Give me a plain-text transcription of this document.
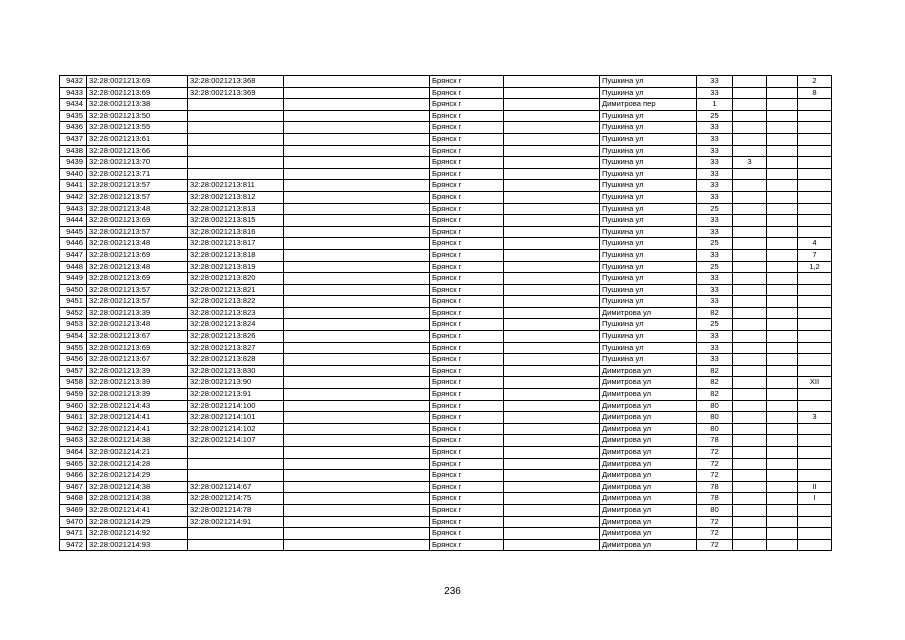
9432	32:28:0021213:69	32:28:0021213:368		Брянск г		Пушкина ул	33			2
9433	32:28:0021213:69	32:28:0021213:369		Брянск г		Пушкина ул	33			8
9434	32:28:0021213:38			Брянск г		Димитрова пер	1			
9435	32:28:0021213:50			Брянск г		Пушкина ул	25			
9436	32:28:0021213:55			Брянск г		Пушкина ул	33			
9437	32:28:0021213:61			Брянск г		Пушкина ул	33			
9438	32:28:0021213:66			Брянск г		Пушкина ул	33			
9439	32:28:0021213:70			Брянск г		Пушкина ул	33	3		
9440	32:28:0021213:71			Брянск г		Пушкина ул	33			
9441	32:28:0021213:57	32:28:0021213:811		Брянск г		Пушкина ул	33			
9442	32:28:0021213:57	32:28:0021213:812		Брянск г		Пушкина ул	33			
9443	32:28:0021213:48	32:28:0021213:813		Брянск г		Пушкина ул	25			
9444	32:28:0021213:69	32:28:0021213:815		Брянск г		Пушкина ул	33			
9445	32:28:0021213:57	32:28:0021213:816		Брянск г		Пушкина ул	33			
9446	32:28:0021213:48	32:28:0021213:817		Брянск г		Пушкина ул	25			4
9447	32:28:0021213:69	32:28:0021213:818		Брянск г		Пушкина ул	33			7
9448	32:28:0021213:48	32:28:0021213:819		Брянск г		Пушкина ул	25			1,2
9449	32:28:0021213:69	32:28:0021213:820		Брянск г		Пушкина ул	33			
9450	32:28:0021213:57	32:28:0021213:821		Брянск г		Пушкина ул	33			
9451	32:28:0021213:57	32:28:0021213:822		Брянск г		Пушкина ул	33			
9452	32:28:0021213:39	32:28:0021213:823		Брянск г		Димитрова ул	82			
9453	32:28:0021213:48	32:28:0021213:824		Брянск г		Пушкина ул	25			
9454	32:28:0021213:67	32:28:0021213:826		Брянск г		Пушкина ул	33			
9455	32:28:0021213:69	32:28:0021213:827		Брянск г		Пушкина ул	33			
9456	32:28:0021213:67	32:28:0021213:828		Брянск г		Пушкина ул	33			
9457	32:28:0021213:39	32:28:0021213:830		Брянск г		Димитрова ул	82			
9458	32:28:0021213:39	32:28:0021213:90		Брянск г		Димитрова ул	82			XII
9459	32:28:0021213:39	32:28:0021213:91		Брянск г		Димитрова ул	82			
9460	32:28:0021214:43	32:28:0021214:100		Брянск г		Димитрова ул	80			
9461	32:28:0021214:41	32:28:0021214:101		Брянск г		Димитрова ул	80			3
9462	32:28:0021214:41	32:28:0021214:102		Брянск г		Димитрова ул	80			
9463	32:28:0021214:38	32:28:0021214:107		Брянск г		Димитрова ул	78			
9464	32:28:0021214:21			Брянск г		Димитрова ул	72			
9465	32:28:0021214:28			Брянск г		Димитрова ул	72			
9466	32:28:0021214:29			Брянск г		Димитрова ул	72			
9467	32:28:0021214:38	32:28:0021214:67		Брянск г		Димитрова ул	78			II
9468	32:28:0021214:38	32:28:0021214:75		Брянск г		Димитрова ул	78			I
9469	32:28:0021214:41	32:28:0021214:78		Брянск г		Димитрова ул	80			
9470	32:28:0021214:29	32:28:0021214:91		Брянск г		Димитрова ул	72			
9471	32:28:0021214:92			Брянск г		Димитрова ул	72			
9472	32:28:0021214:93			Брянск г		Димитрова ул	72			
236
